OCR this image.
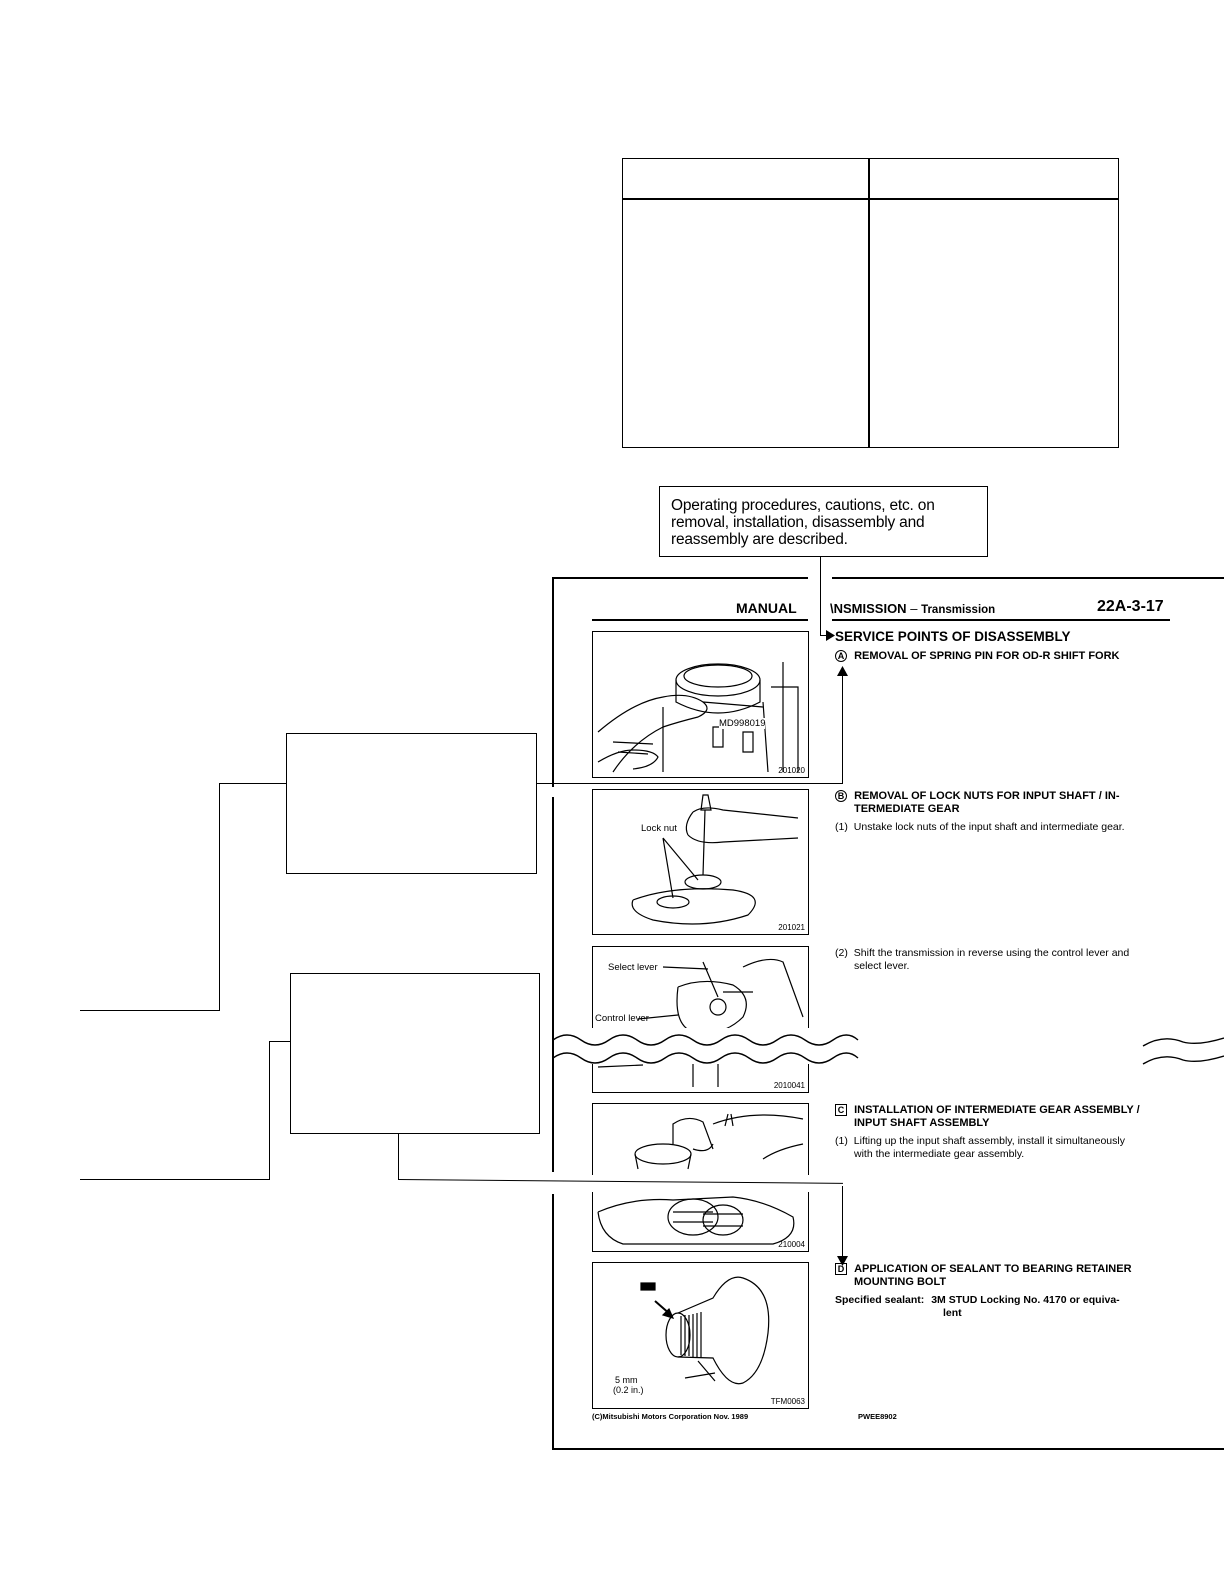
Operating procedures, cautions, etc. on removal, installation, disassembly and reassembly are described.
MANUAL	\NSMISSION – Transmission	22A-3-17
SERVICE POINTS OF DISASSEMBLY
A REMOVAL OF SPRING PIN FOR OD-R SHIFT FORK
B REMOVAL OF LOCK NUTS FOR INPUT SHAFT / IN-
TERMEDIATE GEAR
(1) Unstake lock nuts of the input shaft and intermediate gear.
(2) Shift the transmission in reverse using the control lever and
select lever.
C INSTALLATION OF INTERMEDIATE GEAR ASSEMBLY /
INPUT SHAFT ASSEMBLY
(1) Lifting up the input shaft assembly, install it simultaneously
with the intermediate gear assembly.
D APPLICATION OF SEALANT TO BEARING RETAINER
MOUNTING BOLT
Specified sealant: 3M STUD Locking No. 4170 or equiva-
lent
MD998019
201020
Lock nut
201021
Select lever
Control lever
2010041
210004
5 mm
(0.2 in.)
TFM0063
(C)Mitsubishi Motors Corporation Nov. 1989	PWEE8902
